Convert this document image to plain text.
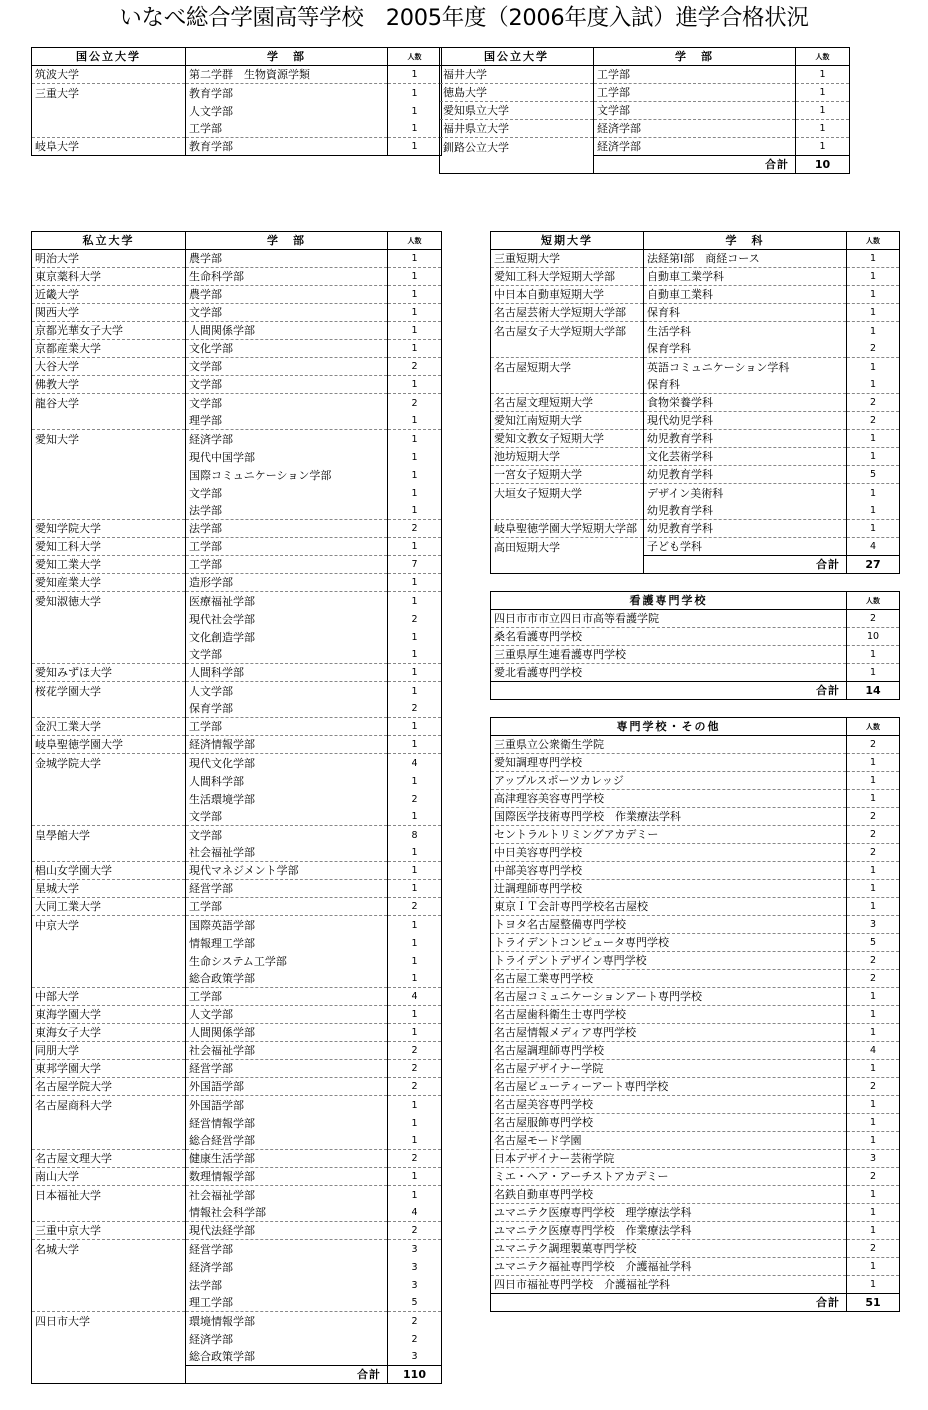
いなべ総合学園高等学校　2005年度（2006年度入試）進学合格状況
国公立大学	学　部	人数
筑波大学	第二学群　生物資源学類	1
三重大学	教育学部	1
	人文学部	1
	工学部	1
岐阜大学	教育学部	1
国公立大学	学　部	人数
福井大学	工学部	1
徳島大学	工学部	1
愛知県立大学	文学部	1
福井県立大学	経済学部	1
釧路公立大学	経済学部	1
	合計	10
私立大学	学　部	人数
明治大学	農学部	1
東京薬科大学	生命科学部	1
近畿大学	農学部	1
関西大学	文学部	1
京都光華女子大学	人間関係学部	1
京都産業大学	文化学部	1
大谷大学	文学部	2
佛教大学	文学部	1
龍谷大学	文学部	2
	理学部	1
愛知大学	経済学部	1
	現代中国学部	1
	国際コミュニケーション学部	1
	文学部	1
	法学部	1
愛知学院大学	法学部	2
愛知工科大学	工学部	1
愛知工業大学	工学部	7
愛知産業大学	造形学部	1
愛知淑徳大学	医療福祉学部	1
	現代社会学部	2
	文化創造学部	1
	文学部	1
愛知みずほ大学	人間科学部	1
桜花学園大学	人文学部	1
	保育学部	2
金沢工業大学	工学部	1
岐阜聖徳学園大学	経済情報学部	1
金城学院大学	現代文化学部	4
	人間科学部	1
	生活環境学部	2
	文学部	1
皇學館大学	文学部	8
	社会福祉学部	1
椙山女学園大学	現代マネジメント学部	1
星城大学	経営学部	1
大同工業大学	工学部	2
中京大学	国際英語学部	1
	情報理工学部	1
	生命システム工学部	1
	総合政策学部	1
中部大学	工学部	4
東海学園大学	人文学部	1
東海女子大学	人間関係学部	1
同朋大学	社会福祉学部	2
東邦学園大学	経営学部	2
名古屋学院大学	外国語学部	2
名古屋商科大学	外国語学部	1
	経営情報学部	1
	総合経営学部	1
名古屋文理大学	健康生活学部	2
南山大学	数理情報学部	1
日本福祉大学	社会福祉学部	1
	情報社会科学部	4
三重中京大学	現代法経学部	2
名城大学	経営学部	3
	経済学部	3
	法学部	3
	理工学部	5
四日市大学	環境情報学部	2
	経済学部	2
	総合政策学部	3
	合計	110
短期大学	学　科	人数
三重短期大学	法経第Ⅰ部　商経コース	1
愛知工科大学短期大学部	自動車工業学科	1
中日本自動車短期大学	自動車工業科	1
名古屋芸術大学短期大学部	保育科	1
名古屋女子大学短期大学部	生活学科	1
	保育学科	2
名古屋短期大学	英語コミュニケーション学科	1
	保育科	1
名古屋文理短期大学	食物栄養学科	2
愛知江南短期大学	現代幼児学科	2
愛知文教女子短期大学	幼児教育学科	1
池坊短期大学	文化芸術学科	1
一宮女子短期大学	幼児教育学科	5
大垣女子短期大学	デザイン美術科	1
	幼児教育学科	1
岐阜聖徳学園大学短期大学部	幼児教育学科	1
高田短期大学	子ども学科	4
	合計	27
看護専門学校	人数
四日市市市立四日市高等看護学院	2
桑名看護専門学校	10
三重県厚生連看護専門学校	1
愛北看護専門学校	1
合計	14
専門学校・その他	人数
三重県立公衆衛生学院	2
愛知調理専門学校	1
アップルスポーツカレッジ	1
高津理容美容専門学校	1
国際医学技術専門学校　作業療法学科	2
セントラルトリミングアカデミー	2
中日美容専門学校	2
中部美容専門学校	1
辻調理師専門学校	1
東京ＩＴ会計専門学校名古屋校	1
トヨタ名古屋整備専門学校	3
トライデントコンピュータ専門学校	5
トライデントデザイン専門学校	2
名古屋工業専門学校	2
名古屋コミュニケーションアート専門学校	1
名古屋歯科衛生士専門学校	1
名古屋情報メディア専門学校	1
名古屋調理師専門学校	4
名古屋デザイナー学院	1
名古屋ビューティーアート専門学校	2
名古屋美容専門学校	1
名古屋服飾専門学校	1
名古屋モード学園	1
日本デザイナー芸術学院	3
ミエ・ヘア・アーチストアカデミー	2
名鉄自動車専門学校	1
ユマニテク医療専門学校　理学療法学科	1
ユマニテク医療専門学校　作業療法学科	1
ユマニテク調理製菓専門学校	2
ユマニテク福祉専門学校　介護福祉学科	1
四日市福祉専門学校　介護福祉学科	1
合計	51
